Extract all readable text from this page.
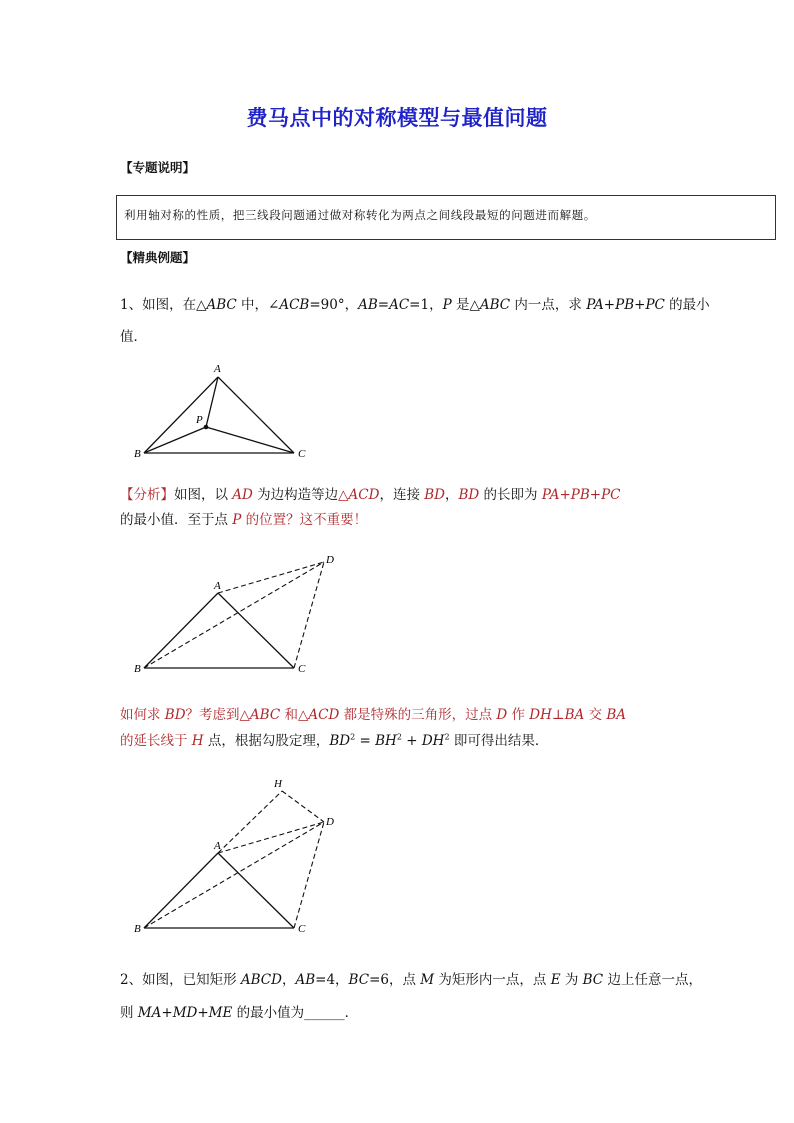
费马点中的对称模型与最值问题
【专题说明】
利用轴对称的性质，把三线段问题通过做对称转化为两点之间线段最短的问题进而解题。
【精典例题】
1、如图，在△ABC 中，∠ACB=90°，AB=AC=1，P 是△ABC 内一点，求 PA+PB+PC 的最小
值．
A
B	C
P
【分析】如图，以 AD 为边构造等边△ACD，连接 BD，BD 的长即为 PA+PB+PC
的最小值．至于点 P 的位置？这不重要！
A
B	C
D
如何求 BD？考虑到△ABC 和△ACD 都是特殊的三角形，过点 D 作 DH⊥BA 交 BA
的延长线于 H 点，根据勾股定理，$BD^2 = BH^2 + DH^2$ 即可得出结果．
A
B	C
D
H
2、如图，已知矩形 ABCD，AB=4，BC=6，点 M 为矩形内一点，点 E 为 BC 边上任意一点，
则 MA+MD+ME 的最小值为______．
